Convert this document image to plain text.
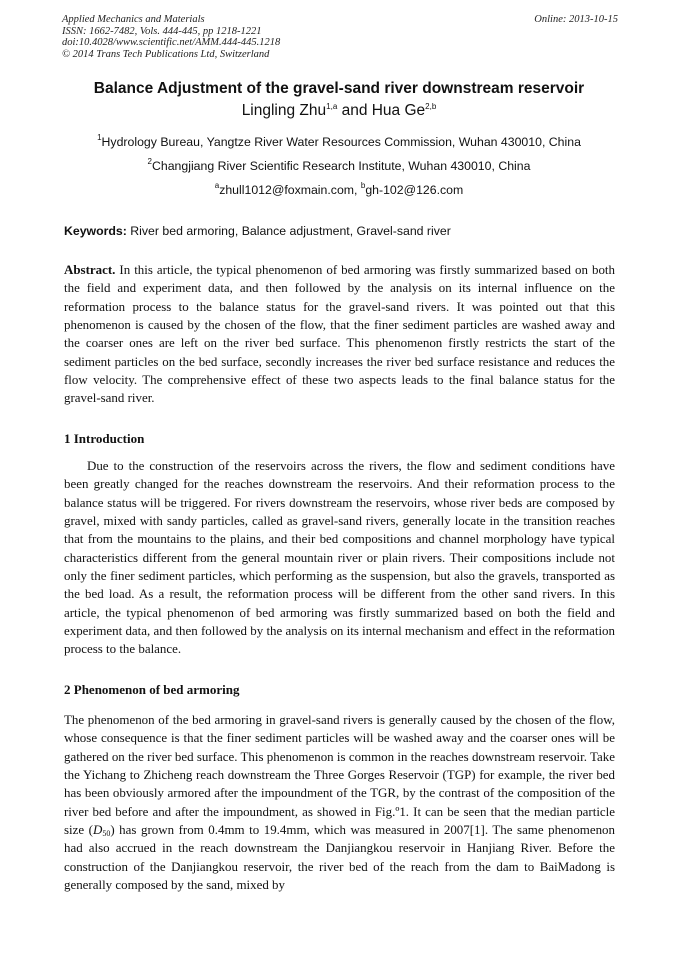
Applied Mechanics and Materials
ISSN: 1662-7482, Vols. 444-445, pp 1218-1221
doi:10.4028/www.scientific.net/AMM.444-445.1218
© 2014 Trans Tech Publications Ltd, Switzerland
Online: 2013-10-15
Balance Adjustment of the gravel-sand river downstream reservoir
Lingling Zhu$^{1,a}$ and Hua Ge$^{2,b}$
$^1$Hydrology Bureau, Yangtze River Water Resources Commission, Wuhan 430010, China
$^2$Changjiang River Scientific Research Institute, Wuhan 430010, China
$^a$zhull1012@foxmain.com, $^b$gh-102@126.com
Keywords: River bed armoring, Balance adjustment, Gravel-sand river
Abstract. In this article, the typical phenomenon of bed armoring was firstly summarized based on both the field and experiment data, and then followed by the analysis on its internal influence on the reformation process to the balance status for the gravel-sand rivers. It was pointed out that this phenomenon is caused by the chosen of the flow, that the finer sediment particles are washed away and the coarser ones are left on the river bed surface. This phenomenon firstly restricts the start of the sediment particles on the bed surface, secondly increases the river bed surface resistance and reduces the flow velocity. The comprehensive effect of these two aspects leads to the final balance status for the gravel-sand river.
1 Introduction
Due to the construction of the reservoirs across the rivers, the flow and sediment conditions have been greatly changed for the reaches downstream the reservoirs. And their reformation process to the balance status will be triggered. For rivers downstream the reservoirs, whose river beds are composed by gravel, mixed with sandy particles, called as gravel-sand rivers, generally locate in the transition reaches that from the mountains to the plains, and their bed compositions and channel morphology have typical characteristics different from the general mountain river or plain rivers. Their compositions include not only the finer sediment particles, which performing as the suspension, but also the gravels, transported as the bed load. As a result, the reformation process will be different from the other sand rivers. In this article, the typical phenomenon of bed armoring was firstly summarized based on both the field and experiment data, and then followed by the analysis on its internal mechanism and effect in the reformation process to the balance.
2 Phenomenon of bed armoring
The phenomenon of the bed armoring in gravel-sand rivers is generally caused by the chosen of the flow, whose consequence is that the finer sediment particles will be washed away and the coarser ones will be gathered on the river bed surface. This phenomenon is common in the reaches downstream reservoir. Take the Yichang to Zhicheng reach downstream the Three Gorges Reservoir (TGP) for example, the river bed has been obviously armored after the impoundment of the TGR, by the contrast of the composition of the river bed before and after the impoundment, as showed in Fig.º1. It can be seen that the median particle size $(D_{50})$ has grown from 0.4mm to 19.4mm, which was measured in 2007[1]. The same phenomenon had also accrued in the reach downstream the Danjiangkou reservoir in Hanjiang River. Before the construction of the Danjiangkou reservoir, the river bed of the reach from the dam to BaiMadong is generally composed by the sand, mixed by
